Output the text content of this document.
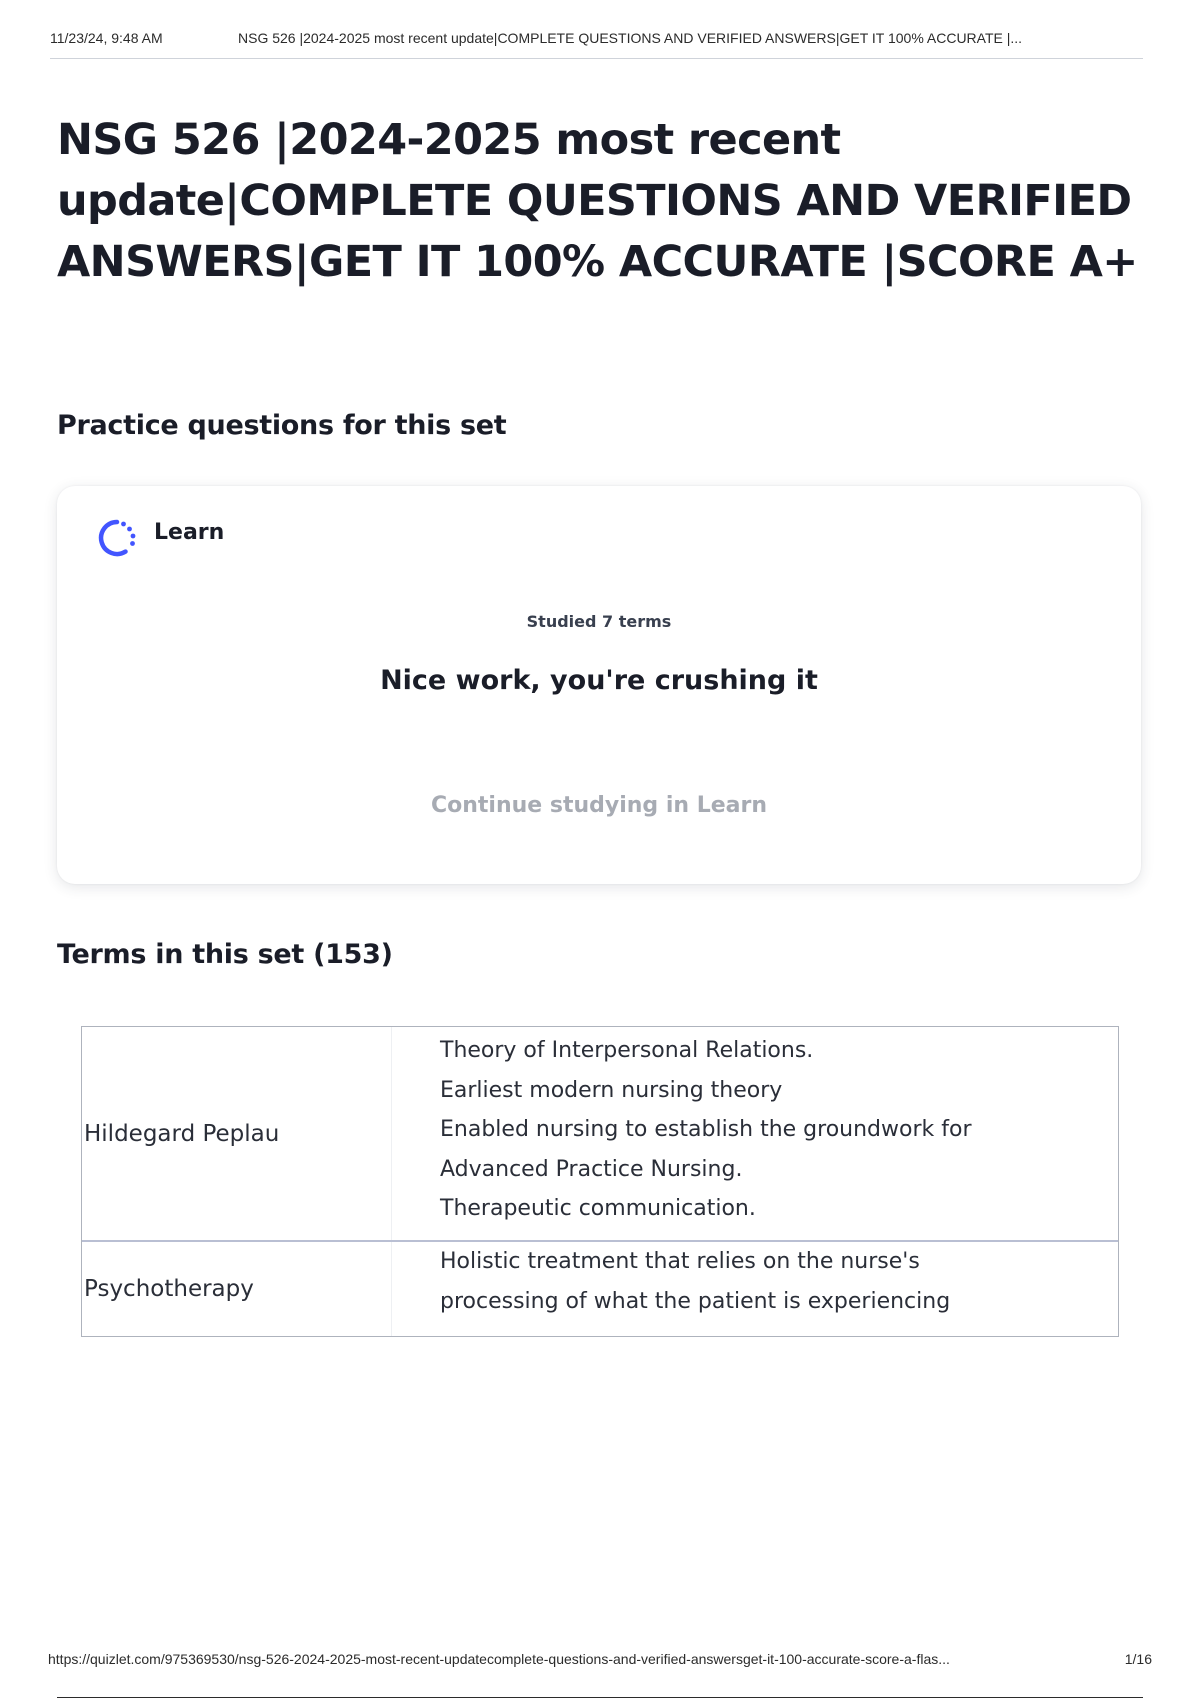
11/23/24, 9:48 AM	NSG 526 |2024-2025 most recent update|COMPLETE QUESTIONS AND VERIFIED ANSWERS|GET IT 100% ACCURATE |...
NSG 526 |2024-2025 most recent update|COMPLETE QUESTIONS AND VERIFIED ANSWERS|GET IT 100% ACCURATE |SCORE A+
Practice questions for this set
Learn
Studied 7 terms
Nice work, you're crushing it
Continue studying in Learn
Terms in this set (153)
Hildegard Peplau
Theory of Interpersonal Relations.
Earliest modern nursing theory
Enabled nursing to establish the groundwork for
Advanced Practice Nursing.
Therapeutic communication.
Psychotherapy
Holistic treatment that relies on the nurse's
processing of what the patient is experiencing
https://quizlet.com/975369530/nsg-526-2024-2025-most-recent-updatecomplete-questions-and-verified-answersget-it-100-accurate-score-a-flas...	1/16
